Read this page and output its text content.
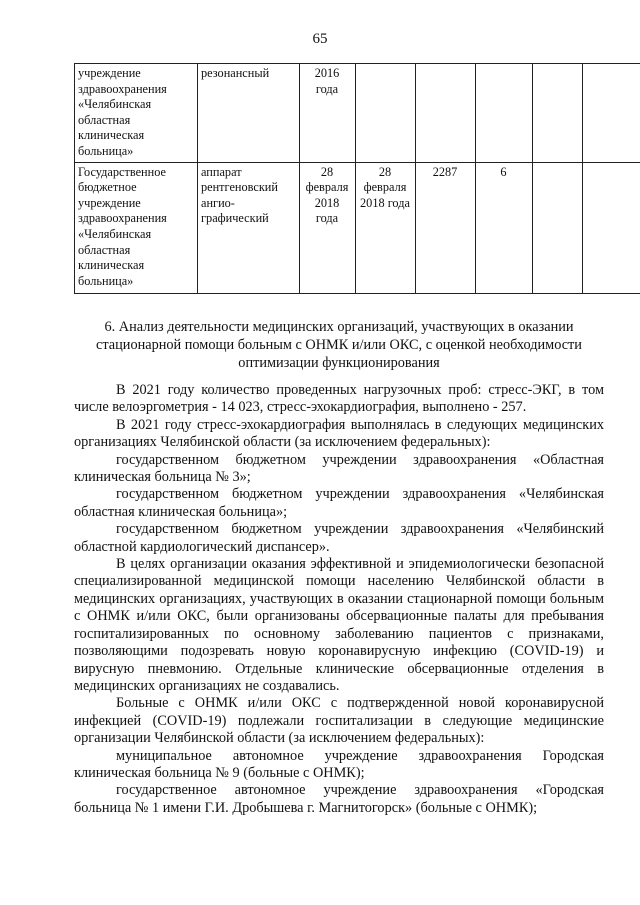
65
учреждение здравоохранения «Челябинская областная клиническая больница»	резонансный	2016 года					
Государственное бюджетное учреждение здравоохранения «Челябинская областная клиническая больница»	аппарат рентгеновский ангио-графический	28 февраля 2018 года	28 февраля 2018 года	2287	6		
6. Анализ деятельности медицинских организаций, участвующих в оказании стационарной помощи больным с ОНМК и/или ОКС, с оценкой необходимости оптимизации функционирования

В 2021 году количество проведенных нагрузочных проб: стресс-ЭКГ, в том числе велоэргометрия - 14 023, стресс-эхокардиография, выполнено - 257.

В 2021 году стресс-эхокардиография выполнялась в следующих медицинских организациях Челябинской области (за исключением федеральных):

государственном бюджетном учреждении здравоохранения «Областная клиническая больница № 3»;

государственном бюджетном учреждении здравоохранения «Челябинская областная клиническая больница»;

государственном бюджетном учреждении здравоохранения «Челябинский областной кардиологический диспансер».

В целях организации оказания эффективной и эпидемиологически безопасной специализированной медицинской помощи населению Челябинской области в медицинских организациях, участвующих в оказании стационарной помощи больным с ОНМК и/или ОКС, были организованы обсервационные палаты для пребывания госпитализированных по основному заболеванию пациентов с признаками, позволяющими подозревать новую коронавирусную инфекцию (COVID-19) и вирусную пневмонию. Отдельные клинические обсервационные отделения в медицинских организациях не создавались.

Больные с ОНМК и/или ОКС с подтвержденной новой коронавирусной инфекцией (COVID-19) подлежали госпитализации в следующие медицинские организации Челябинской области (за исключением федеральных):

муниципальное автономное учреждение здравоохранения Городская клиническая больница № 9 (больные с ОНМК);

государственное автономное учреждение здравоохранения «Городская больница № 1 имени Г.И. Дробышева г. Магнитогорск» (больные с ОНМК);
